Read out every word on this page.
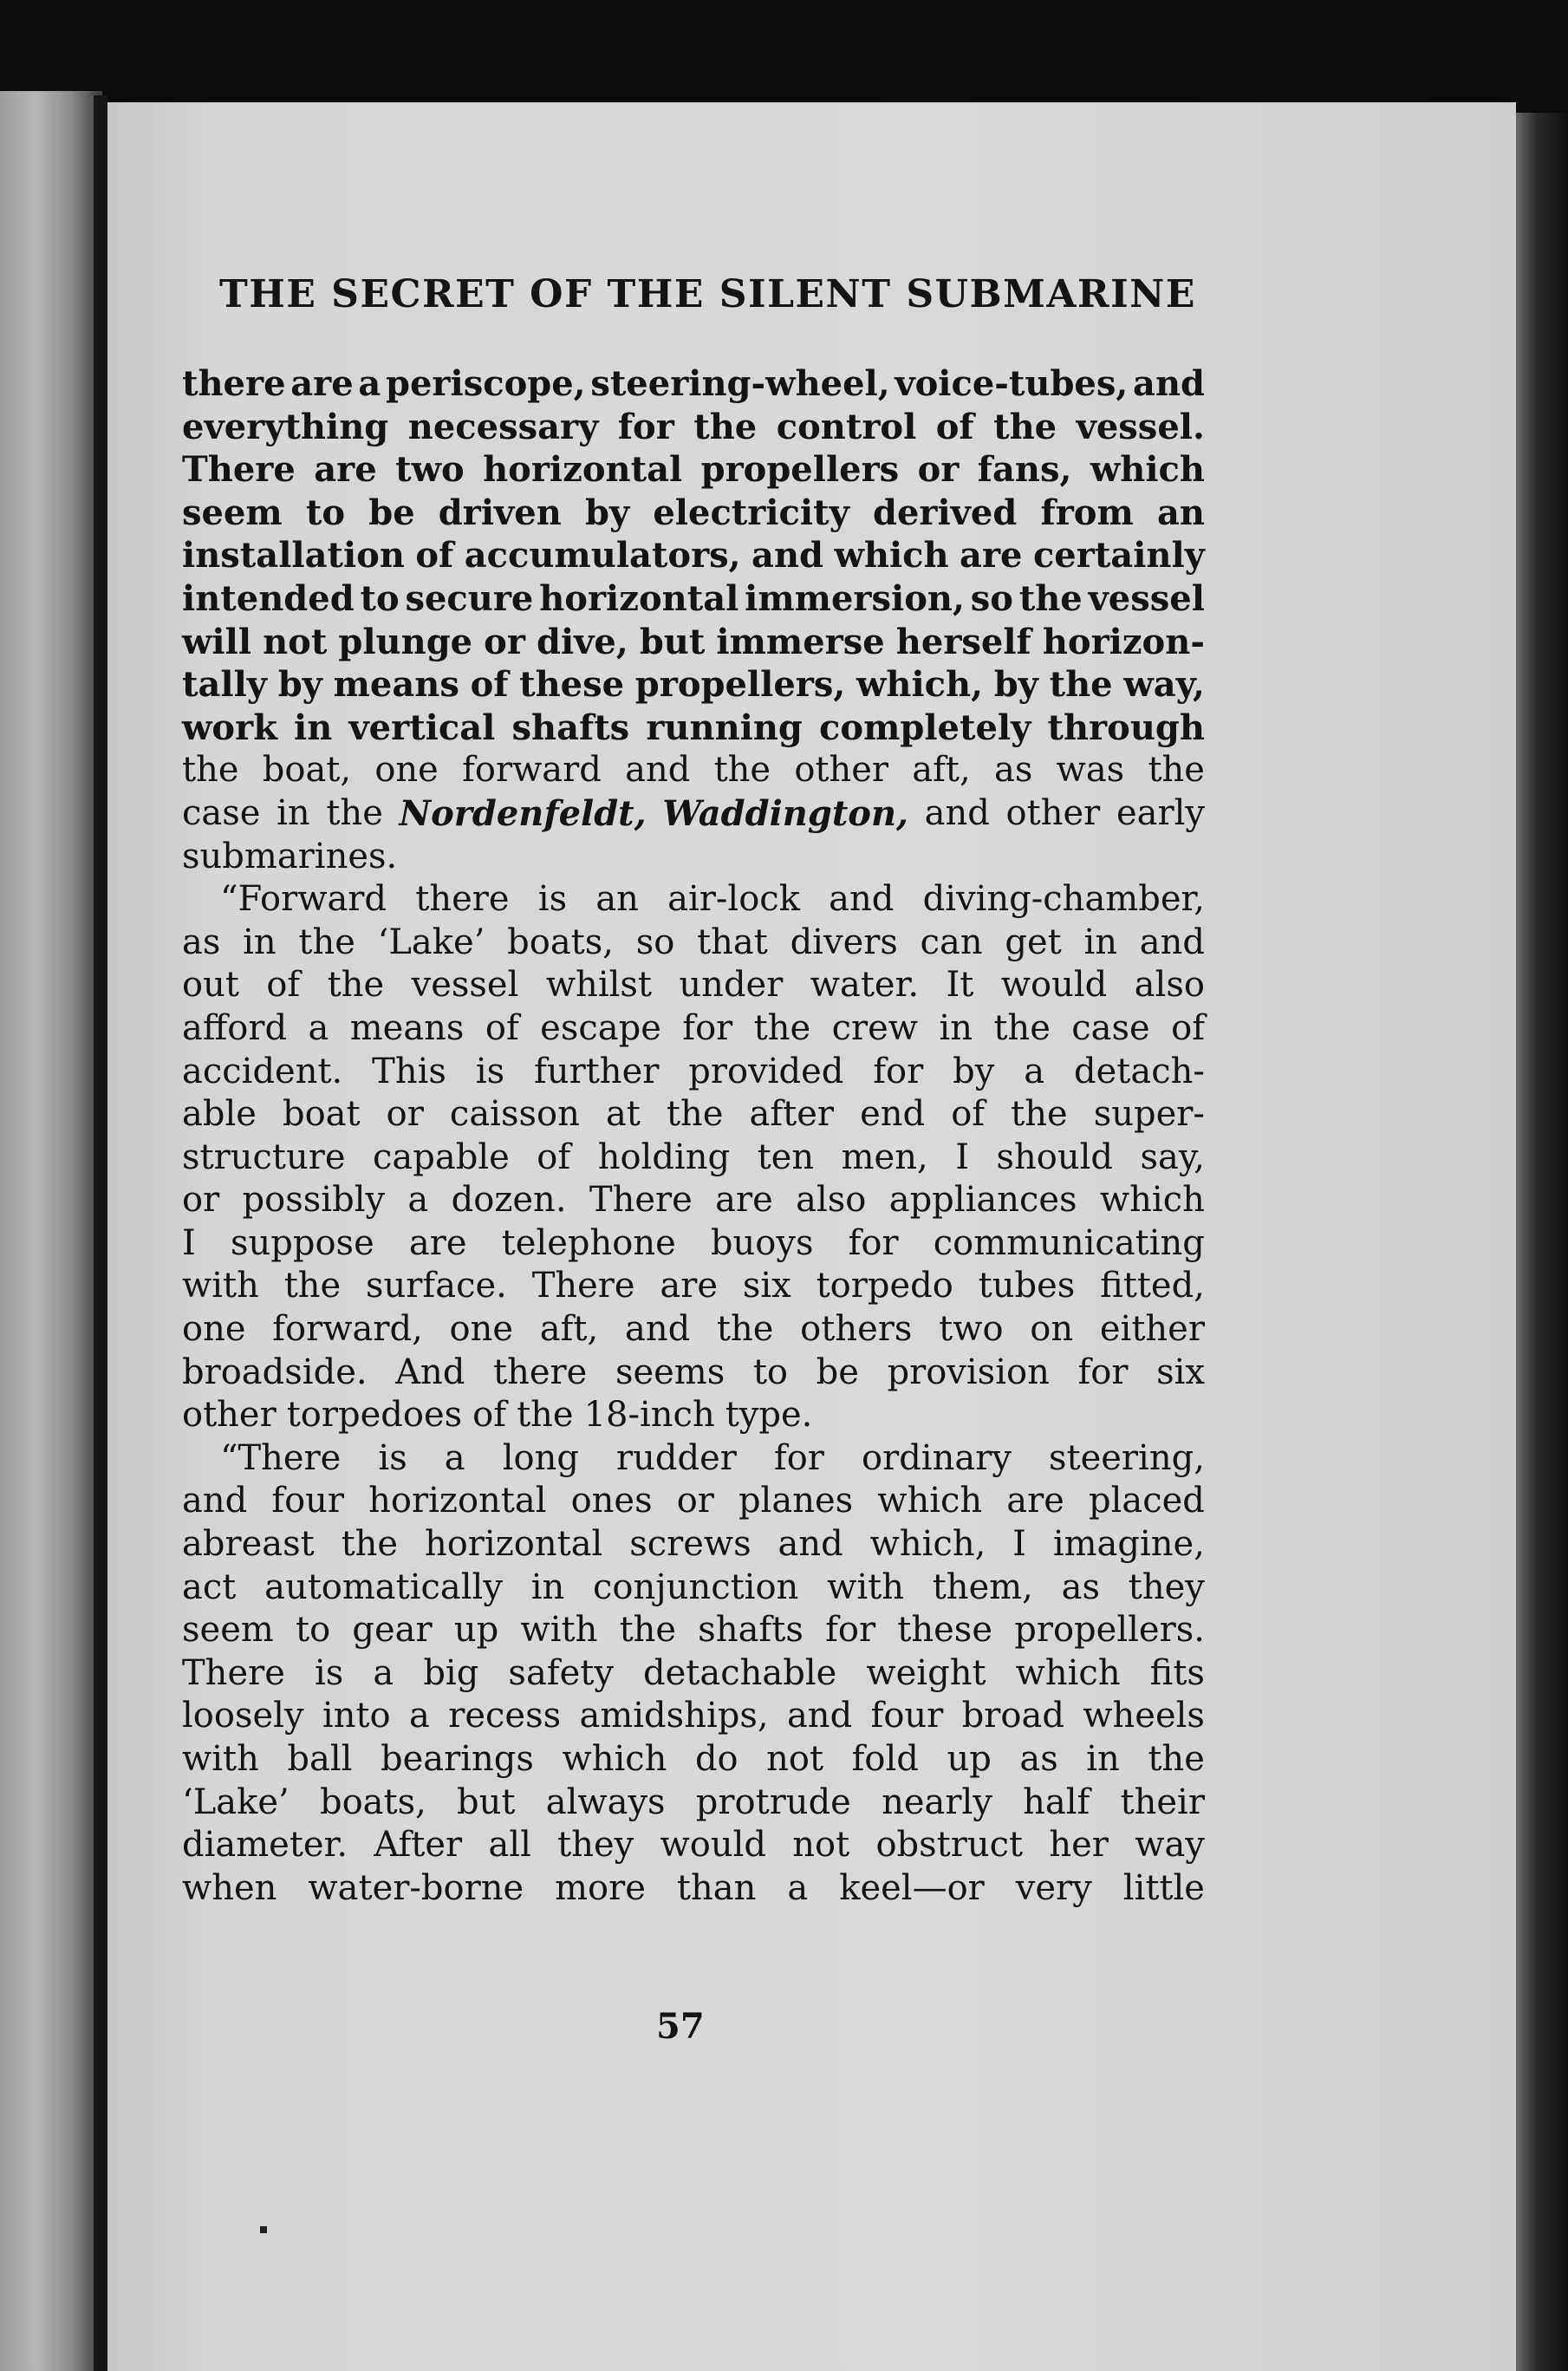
THE SECRET OF THE SILENT SUBMARINE
there are a periscope, steering-wheel, voice-tubes, and
everything necessary for the control of the vessel.
There are two horizontal propellers or fans, which
seem to be driven by electricity derived from an
installation of accumulators, and which are certainly
intended to secure horizontal immersion, so the vessel
will not plunge or dive, but immerse herself horizon-
tally by means of these propellers, which, by the way,
work in vertical shafts running completely through
the boat, one forward and the other aft, as was the
case in the Nordenfeldt, Waddington, and other early
submarines.
“Forward there is an air-lock and diving-chamber,
as in the ‘Lake’ boats, so that divers can get in and
out of the vessel whilst under water. It would also
afford a means of escape for the crew in the case of
accident. This is further provided for by a detach-
able boat or caisson at the after end of the super-
structure capable of holding ten men, I should say,
or possibly a dozen. There are also appliances which
I suppose are telephone buoys for communicating
with the surface. There are six torpedo tubes fitted,
one forward, one aft, and the others two on either
broadside. And there seems to be provision for six
other torpedoes of the 18-inch type.
“There is a long rudder for ordinary steering,
and four horizontal ones or planes which are placed
abreast the horizontal screws and which, I imagine,
act automatically in conjunction with them, as they
seem to gear up with the shafts for these propellers.
There is a big safety detachable weight which fits
loosely into a recess amidships, and four broad wheels
with ball bearings which do not fold up as in the
‘Lake’ boats, but always protrude nearly half their
diameter. After all they would not obstruct her way
when water-borne more than a keel—or very little

57
